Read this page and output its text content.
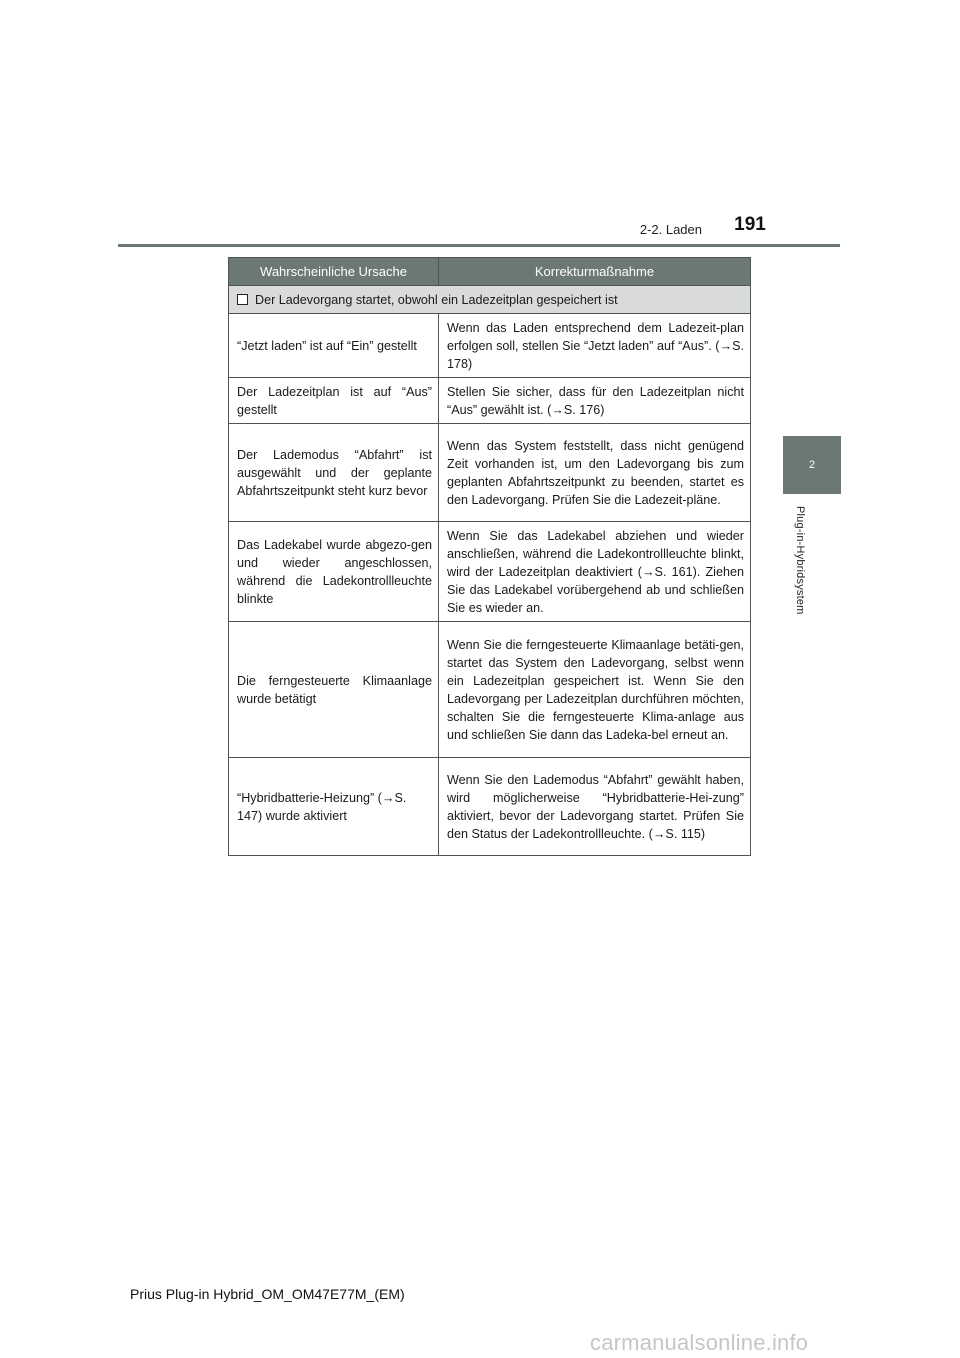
2-2. Laden	191
2
Plug-in-Hybridsystem
Wahrscheinliche Ursache	Korrekturmaßnahme
Der Ladevorgang startet, obwohl ein Ladezeitplan gespeichert ist	
“Jetzt laden” ist auf “Ein” gestellt	Wenn das Laden entsprechend dem Ladezeit-plan erfolgen soll, stellen Sie “Jetzt laden” auf “Aus”. (→S. 178)
Der Ladezeitplan ist auf “Aus” gestellt	Stellen Sie sicher, dass für den Ladezeitplan nicht “Aus” gewählt ist. (→S. 176)
Der Lademodus “Abfahrt” ist ausgewählt und der geplante Abfahrtszeitpunkt steht kurz bevor	Wenn das System feststellt, dass nicht genügend Zeit vorhanden ist, um den Ladevorgang bis zum geplanten Abfahrtszeitpunkt zu beenden, startet es den Ladevorgang. Prüfen Sie die Ladezeit-pläne.
Das Ladekabel wurde abgezo-gen und wieder angeschlossen, während die Ladekontrollleuchte blinkte	Wenn Sie das Ladekabel abziehen und wieder anschließen, während die Ladekontrollleuchte blinkt, wird der Ladezeitplan deaktiviert (→S. 161). Ziehen Sie das Ladekabel vorübergehend ab und schließen Sie es wieder an.
Die ferngesteuerte Klimaanlage wurde betätigt	Wenn Sie die ferngesteuerte Klimaanlage betäti-gen, startet das System den Ladevorgang, selbst wenn ein Ladezeitplan gespeichert ist. Wenn Sie den Ladevorgang per Ladezeitplan durchführen möchten, schalten Sie die ferngesteuerte Klima-anlage aus und schließen Sie dann das Ladeka-bel erneut an.
“Hybridbatterie-Heizung” (→S. 147) wurde aktiviert	Wenn Sie den Lademodus “Abfahrt” gewählt haben, wird möglicherweise “Hybridbatterie-Hei-zung” aktiviert, bevor der Ladevorgang startet. Prüfen Sie den Status der Ladekontrollleuchte. (→S. 115)
Prius Plug-in Hybrid_OM_OM47E77M_(EM)
carmanualsonline.info
